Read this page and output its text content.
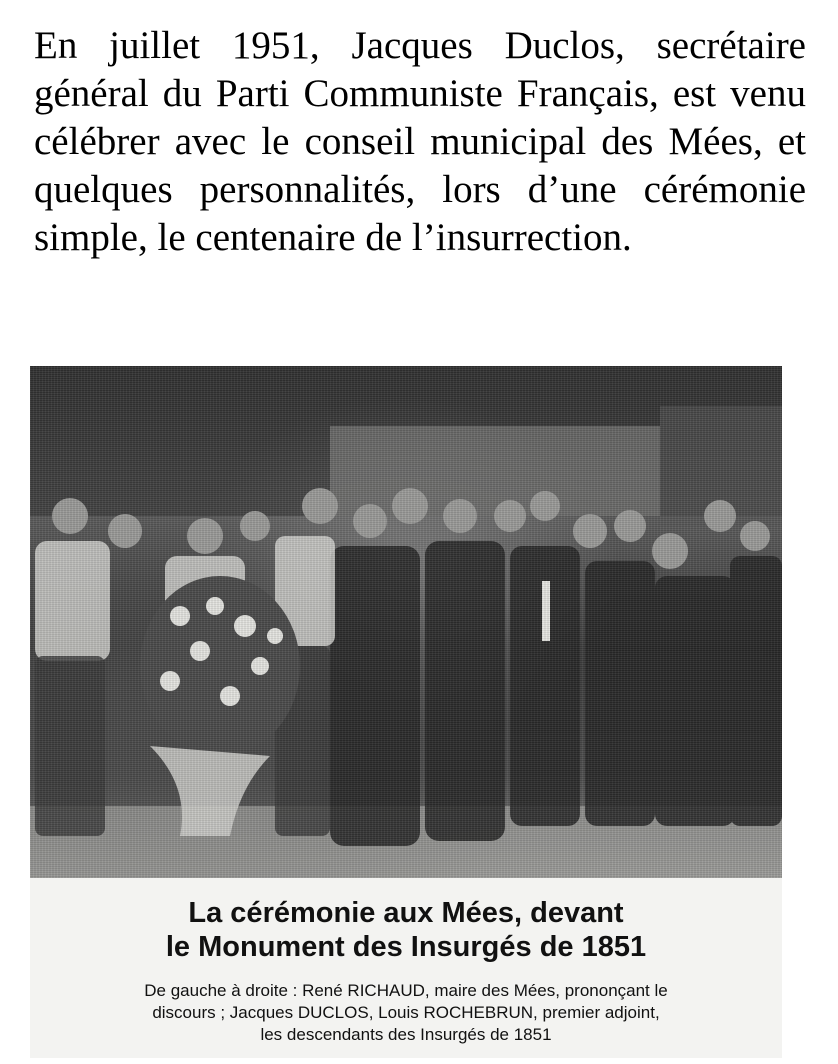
En juillet 1951, Jacques Duclos, secrétaire général du Parti Communiste Français, est venu célébrer avec le conseil municipal des Mées, et quelques personnalités, lors d’une cérémonie simple, le centenaire de l’insurrection.

La cérémonie aux Mées, devant
le Monument des Insurgés de 1851

De gauche à droite : René RICHAUD, maire des Mées, prononçant le
discours ; Jacques DUCLOS, Louis ROCHEBRUN, premier adjoint,
les descendants des Insurgés de 1851
